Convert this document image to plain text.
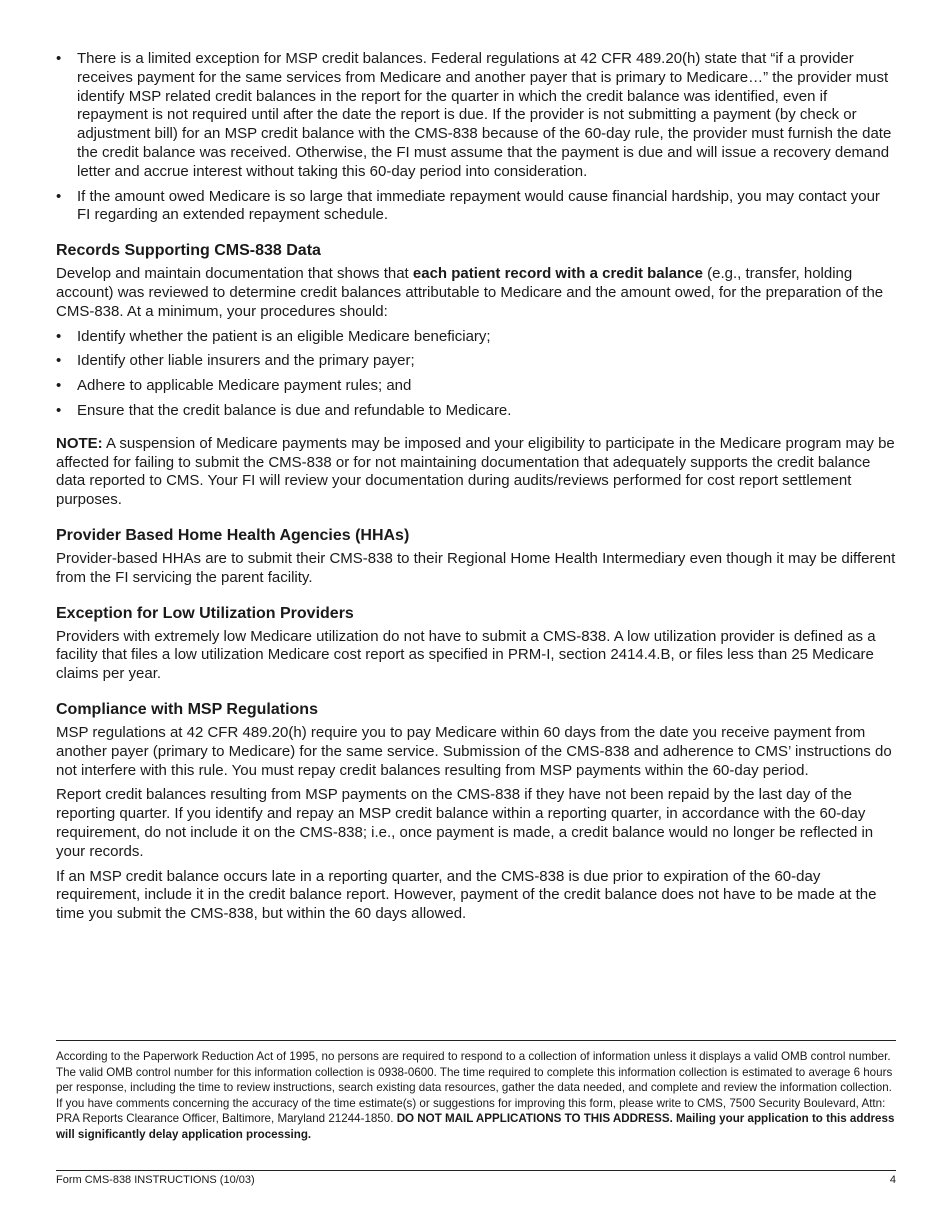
• There is a limited exception for MSP credit balances. Federal regulations at 42 CFR 489.20(h) state that “if a provider receives payment for the same services from Medicare and another payer that is primary to Medicare…” the provider must identify MSP related credit balances in the report for the quarter in which the credit balance was identified, even if repayment is not required until after the date the report is due. If the provider is not submitting a payment (by check or adjustment bill) for an MSP credit balance with the CMS-838 because of the 60-day rule, the provider must furnish the date the credit balance was received. Otherwise, the FI must assume that the payment is due and will issue a recovery demand letter and accrue interest without taking this 60-day period into consideration.
• If the amount owed Medicare is so large that immediate repayment would cause financial hardship, you may contact your FI regarding an extended repayment schedule.
Records Supporting CMS-838 Data

Develop and maintain documentation that shows that each patient record with a credit balance (e.g., transfer, holding account) was reviewed to determine credit balances attributable to Medicare and the amount owed, for the preparation of the CMS-838. At a minimum, your procedures should:

• Identify whether the patient is an eligible Medicare beneficiary;
• Identify other liable insurers and the primary payer;
• Adhere to applicable Medicare payment rules; and
• Ensure that the credit balance is due and refundable to Medicare.

NOTE: A suspension of Medicare payments may be imposed and your eligibility to participate in the Medicare program may be affected for failing to submit the CMS-838 or for not maintaining documentation that adequately supports the credit balance data reported to CMS. Your FI will review your documentation during audits/reviews performed for cost report settlement purposes.

Provider Based Home Health Agencies (HHAs)

Provider-based HHAs are to submit their CMS-838 to their Regional Home Health Intermediary even though it may be different from the FI servicing the parent facility.

Exception for Low Utilization Providers

Providers with extremely low Medicare utilization do not have to submit a CMS-838. A low utilization provider is defined as a facility that files a low utilization Medicare cost report as specified in PRM-I, section 2414.4.B, or files less than 25 Medicare claims per year.

Compliance with MSP Regulations

MSP regulations at 42 CFR 489.20(h) require you to pay Medicare within 60 days from the date you receive payment from another payer (primary to Medicare) for the same service. Submission of the CMS-838 and adherence to CMS’ instructions do not interfere with this rule. You must repay credit balances resulting from MSP payments within the 60-day period.

Report credit balances resulting from MSP payments on the CMS-838 if they have not been repaid by the last day of the reporting quarter. If you identify and repay an MSP credit balance within a reporting quarter, in accordance with the 60-day requirement, do not include it on the CMS-838; i.e., once payment is made, a credit balance would no longer be reflected in your records.

If an MSP credit balance occurs late in a reporting quarter, and the CMS-838 is due prior to expiration of the 60-day requirement, include it in the credit balance report. However, payment of the credit balance does not have to be made at the time you submit the CMS-838, but within the 60 days allowed.

According to the Paperwork Reduction Act of 1995, no persons are required to respond to a collection of information unless it displays a valid OMB control number. The valid OMB control number for this information collection is 0938-0600. The time required to complete this information collection is estimated to average 6 hours per response, including the time to review instructions, search existing data resources, gather the data needed, and complete and review the information collection. If you have comments concerning the accuracy of the time estimate(s) or suggestions for improving this form, please write to CMS, 7500 Security Boulevard, Attn: PRA Reports Clearance Officer, Baltimore, Maryland 21244-1850. DO NOT MAIL APPLICATIONS TO THIS ADDRESS. Mailing your application to this address will significantly delay application processing.

Form CMS-838 INSTRUCTIONS (10/03)	4
